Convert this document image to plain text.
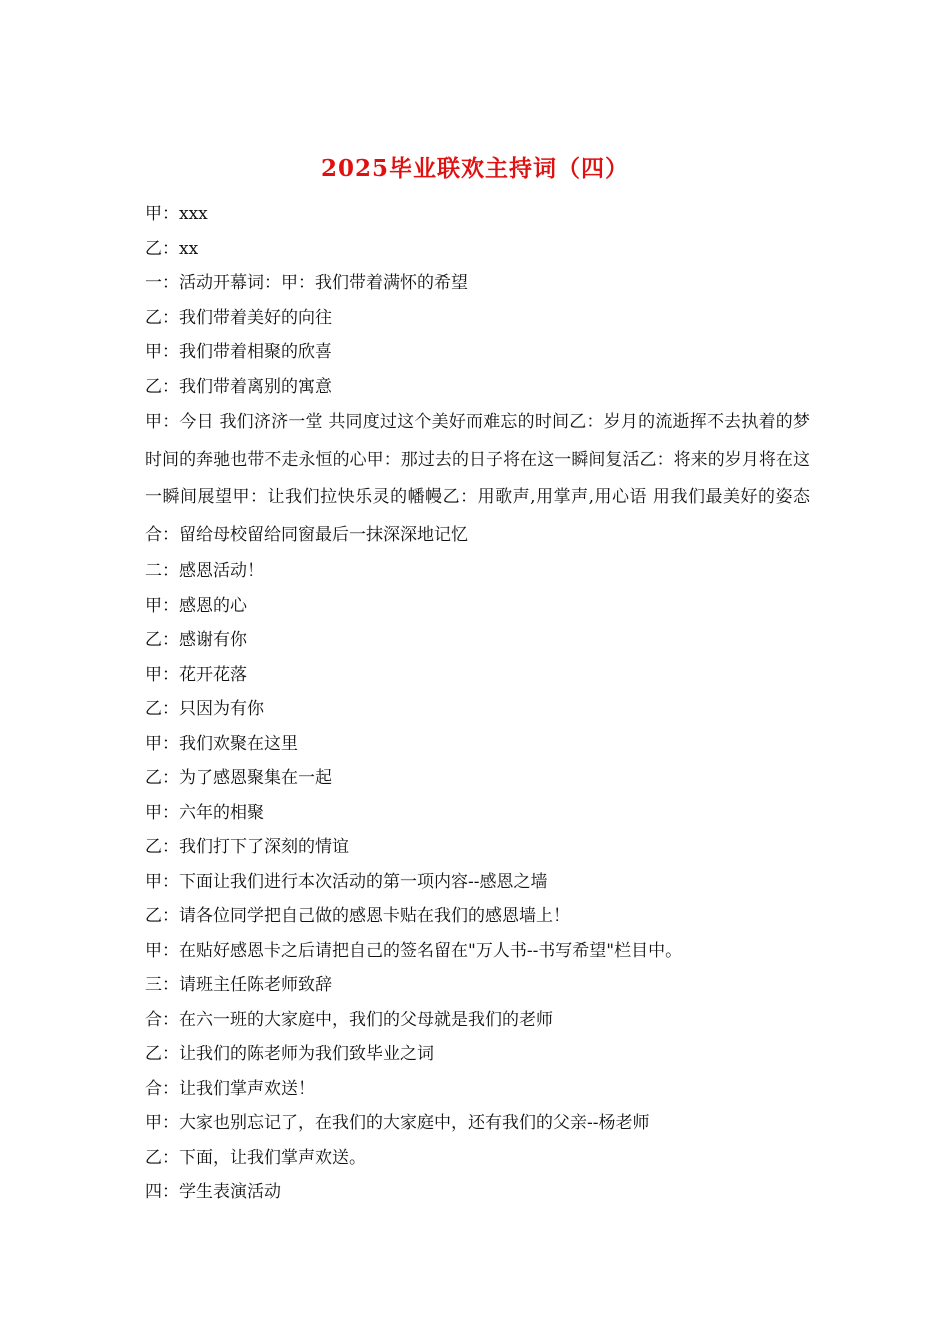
2025毕业联欢主持词（四）
甲：xxx
乙：xx
一：活动开幕词：甲：我们带着满怀的希望
乙：我们带着美好的向往
甲：我们带着相聚的欣喜
乙：我们带着离别的寓意

甲：今日 我们济济一堂 共同度过这个美好而难忘的时间乙：岁月的流逝挥不去执着的梦 时间的奔驰也带不走永恒的心甲：那过去的日子将在这一瞬间复活乙：将来的岁月将在这一瞬间展望甲：让我们拉快乐灵的幡幔乙：用歌声,用掌声,用心语 用我们最美好的姿态合：留给母校留给同窗最后一抹深深地记忆

二：感恩活动！
甲：感恩的心
乙：感谢有你
甲：花开花落
乙：只因为有你
甲：我们欢聚在这里
乙：为了感恩聚集在一起
甲：六年的相聚
乙：我们打下了深刻的情谊
甲：下面让我们进行本次活动的第一项内容--感恩之墙
乙：请各位同学把自己做的感恩卡贴在我们的感恩墙上！
甲：在贴好感恩卡之后请把自己的签名留在"万人书--书写希望"栏目中。
三：请班主任陈老师致辞
合：在六一班的大家庭中，我们的父母就是我们的老师
乙：让我们的陈老师为我们致毕业之词
合：让我们掌声欢送！
甲：大家也别忘记了，在我们的大家庭中，还有我们的父亲--杨老师
乙：下面，让我们掌声欢送。
四：学生表演活动
